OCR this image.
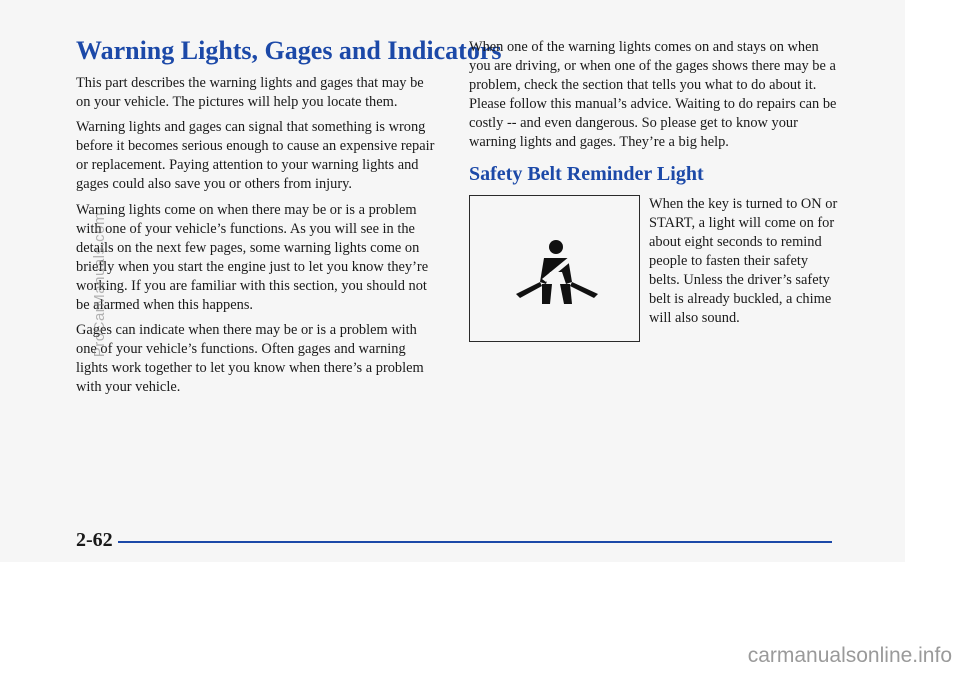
Warning Lights, Gages and Indicators

This part describes the warning lights and gages that may be on your vehicle. The pictures will help you locate them.

Warning lights and gages can signal that something is wrong before it becomes serious enough to cause an expensive repair or replacement. Paying attention to your warning lights and gages could also save you or others from injury.

Warning lights come on when there may be or is a problem with one of your vehicle’s functions. As you will see in the details on the next few pages, some warning lights come on briefly when you start the engine just to let you know they’re working. If you are familiar with this section, you should not be alarmed when this happens.

Gages can indicate when there may be or is a problem with one of your vehicle’s functions. Often gages and warning lights work together to let you know when there’s a problem with your vehicle.

When one of the warning lights comes on and stays on when you are driving, or when one of the gages shows there may be a problem, check the section that tells you what to do about it. Please follow this manual’s advice. Waiting to do repairs can be costly -- and even dangerous. So please get to know your warning lights and gages. They’re a big help.

Safety Belt Reminder Light

When the key is turned to ON or START, a light will come on for about eight seconds to remind people to fasten their safety belts. Unless the driver’s safety belt is already buckled, a chime will also sound.

2-62
ProCarManuals.com
carmanualsonline.info
